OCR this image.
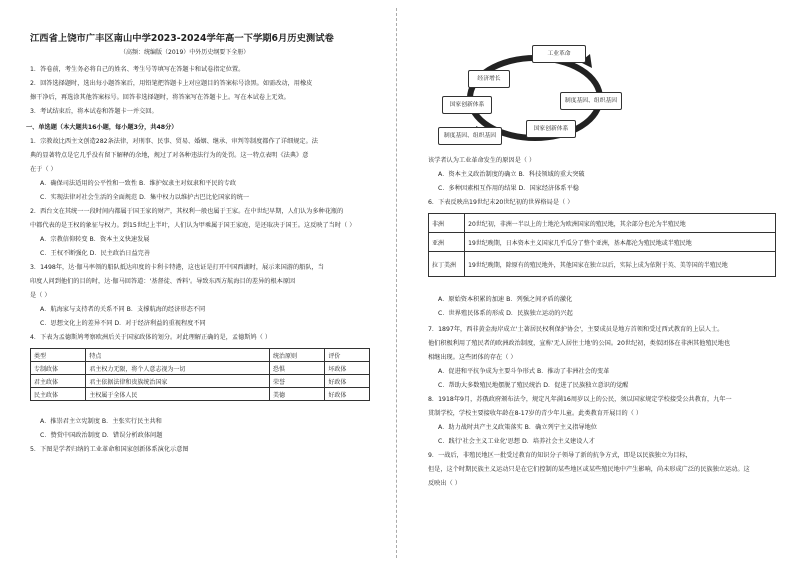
江西省上饶市广丰区南山中学2023-2024学年高一下学期6月历史测试卷
（高频：统编版（2019）中外历史纲要下全册）
1．答卷前，考生务必将自己的姓名、考生号等填写在答题卡和试卷指定位置。
2．回答选择题时，选出每小题答案后，用铅笔把答题卡上对应题目的答案标号涂黑。如需改动，用橡皮
擦干净后，再选涂其他答案标号。回答非选择题时，将答案写在答题卡上。写在本试卷上无效。
3．考试结束后，将本试卷和答题卡一并交回。
一、单选题（本大题共16小题，每小题3分，共48分）
1．宗教故比西主文创造282条法律，对刑事、民事、贸易、婚姻、继承、审判等制度都作了详细规定。法
典的显著特点是它几乎没有留下解释的余地，规过了对各种违法行为的处罚。这一特点表明《法典》意
在于（ ）
A．确保司法适用的公平性和一致性 B．维护奴隶主对奴隶和平民的专政
C．实现法律对社会生活的全面规范 D．集中权力以维护古巴比伦国家的统一
2．西台文在其统一一段时间内都属于国王家的财产，其权利一般也属于王家。在中世纪早期，人们认为多种花瓶的
中都代表的是王权的象征与权力。到15世纪上半叶，人们认为甲乘属于国王家庭，是还取决于国王。这反映了当时（ ）
A．宗教信仰转变 B．资本主义快速发展
C．王权不断强化 D．民主政治日益完善
3．1498年，达·伽马率领的船队抵达印度的卡利卡特港，这也证是打开中国西湖时，展示来国游的船队，当
印度人问到他们的目的时，达·伽马回答道：'基督徒、香料'。导致东西方航海目的差异的根本原因
是（ ）
A．航海家与支持者的关系不同 B．支撑航海的经济形态不同
C．思想文化上的差异不同 D．对于经济利益的重视程度不同
4．下表为孟德斯鸠考察欧洲后关于国家政体的划分。对此理解正确的是，孟德斯鸠（ ）
类型	特点	统治原则	评价
专制政体	君主权力无限，将个人意志视为一切	恐惧	坏政体
君主政体	君主依据法律和贵族统治国家	荣誉	好政体
民主政体	主权属于全体人民	美德	好政体
A．推崇君主立宪制度 B．主张实行民主共和
C．赞赏中国政治制度 D．错误分析政体问题
5．下图是学者归纳的工业革命和国家创新体系演化示意图
工业革命
经济增长
国家创新体系
制度基因、组织基因
国家创新体系
制度基因、组织基因
该学者认为工业革命发生的原因是（ ）
A．资本主义政治制度的确立 B．科技领域的重大突破
C．多种因素相互作用的结果 D．国家经济体系平稳
6．下表反映出19世纪末20世纪初的世界格局是（ ）
非洲	20世纪初，非洲一半以上的土地沦为欧洲国家的殖民地，其余部分也沦为半殖民地
亚洲	19世纪晚期，日本资本主义国家几乎瓜分了整个亚洲，基本都沦为殖民地或半殖民地
拉丁美洲	19世纪晚期，除原有的殖民地外，其他国家在独立以后，实际上成为依附于英、美等国的半殖民地
A．原始资本积累的加速 B．列强之间矛盾的激化
C．世界殖民体系的形成 D．民族独立运动的兴起
7．1897年，西非黄金海岸成立'土著居民权利保护协会'，主要成员是地方首领和受过西式教育的上层人士。
他们积极利用了殖民者的欧洲政治制度，宣称'无人居住土地'的公国。20世纪初，类似团体在非洲其他殖民地也
相继出现。这些团体的存在（ ）
A．促进和平抗争成为主要斗争形式 B．推动了非洲社会的变革
C．帮助大多数殖民地摆脱了殖民统治 D．促进了民族独立意识的觉醒
8．1918年9月，苏俄政府颁布法令，规定凡年满16周岁以上的公民，须以国家规定学校接受公共教育，九年一
贯制学校，学校主要接收年龄在8-17岁的青少年儿童。此类教育开展目的（ ）
A．助力战时共产主义政策落实 B．确立列宁主义指导地位
C．践行'社会主义工业化'思想 D．培养社会主义建设人才
9．一战后，非殖民地区一批受过教育的知识分子领导了新的抗争方式，即是以民族独立为目标，
但是，这个时期民族主义运动只是在它们控制的某些地区或某些殖民地中产生影响，尚未形成广泛的民族独立运动。这
反映出（ ）
